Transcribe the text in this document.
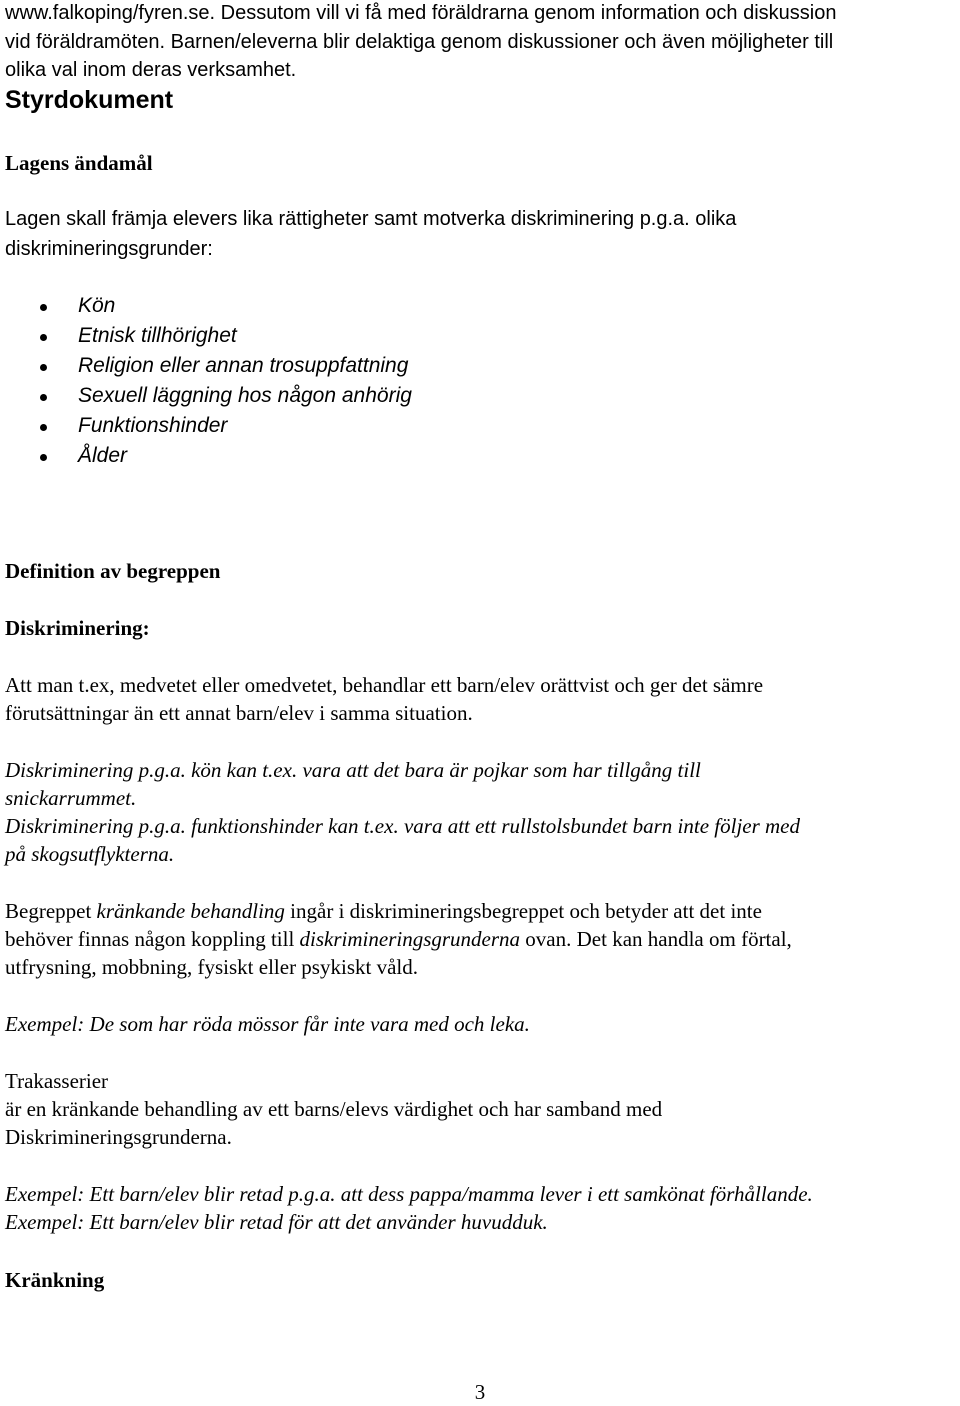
www.falkoping/fyren.se. Dessutom vill vi få med föräldrarna genom information och diskussion

vid föräldramöten. Barnen/eleverna blir delaktiga genom diskussioner och även möjligheter till

olika val inom deras verksamhet.

Styrdokument

Lagens ändamål

Lagen skall främja elevers lika rättigheter samt motverka diskriminering p.g.a. olika

diskrimineringsgrunder:

Kön
Etnisk tillhörighet
Religion eller annan trosuppfattning
Sexuell läggning hos någon anhörig
Funktionshinder
Ålder

Definition av begreppen

Diskriminering:

Att man t.ex, medvetet eller omedvetet, behandlar ett barn/elev orättvist och ger det sämre

förutsättningar än ett annat barn/elev i samma situation.

Diskriminering p.g.a. kön kan t.ex. vara att det bara är pojkar som har tillgång till

snickarrummet.

Diskriminering p.g.a. funktionshinder kan t.ex. vara att ett rullstolsbundet barn inte följer med

på skogsutflykterna.

Begreppet kränkande behandling ingår i diskrimineringsbegreppet och betyder att det inte

behöver finnas någon koppling till diskrimineringsgrunderna ovan. Det kan handla om förtal,

utfrysning, mobbning, fysiskt eller psykiskt våld.

Exempel: De som har röda mössor får inte vara med och leka.

Trakasserier

är en kränkande behandling av ett barns/elevs värdighet och har samband med

Diskrimineringsgrunderna.

Exempel: Ett barn/elev blir retad p.g.a. att dess pappa/mamma lever i ett samkönat förhållande.

Exempel: Ett barn/elev blir retad för att det använder huvudduk.

Kränkning

3
